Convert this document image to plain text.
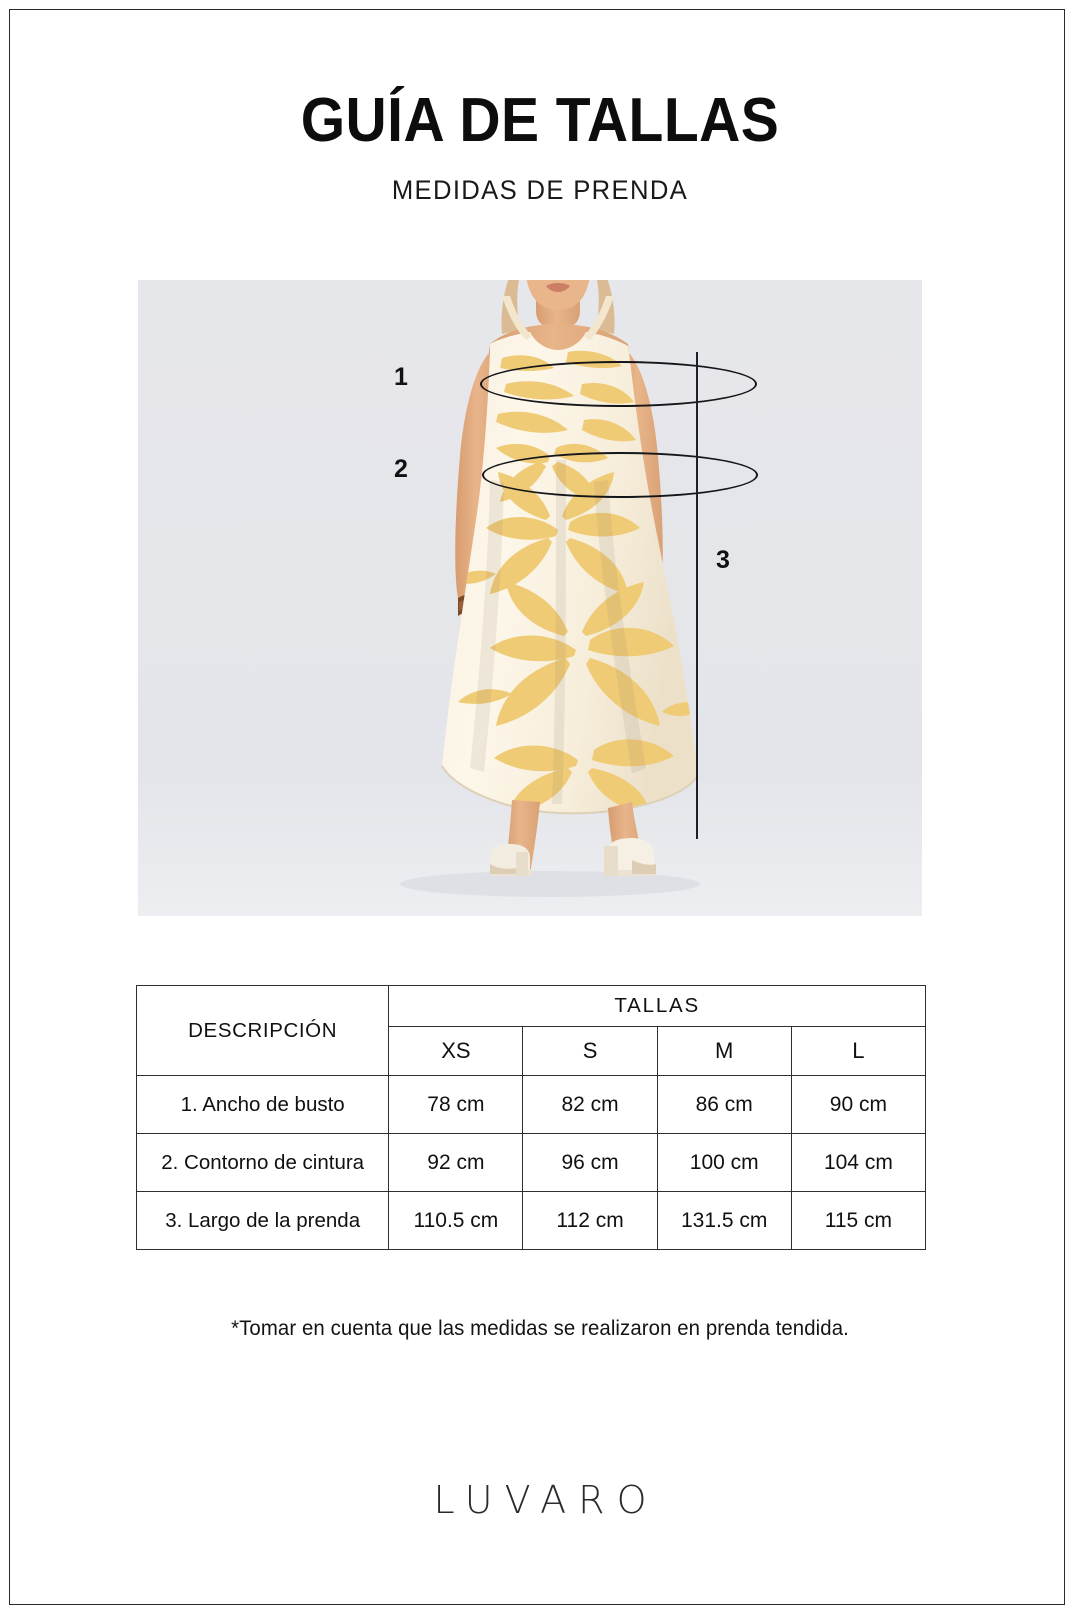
GUÍA DE TALLAS
MEDIDAS DE PRENDA
1
2
3
DESCRIPCIÓN	TALLAS			
	XS	S	M	L
1. Ancho de busto	78 cm	82 cm	86 cm	90 cm
2. Contorno de cintura	92 cm	96 cm	100 cm	104 cm
3. Largo de la prenda	110.5 cm	112 cm	131.5 cm	115 cm
*Tomar en cuenta que las medidas se realizaron en prenda tendida.
LUVARO
